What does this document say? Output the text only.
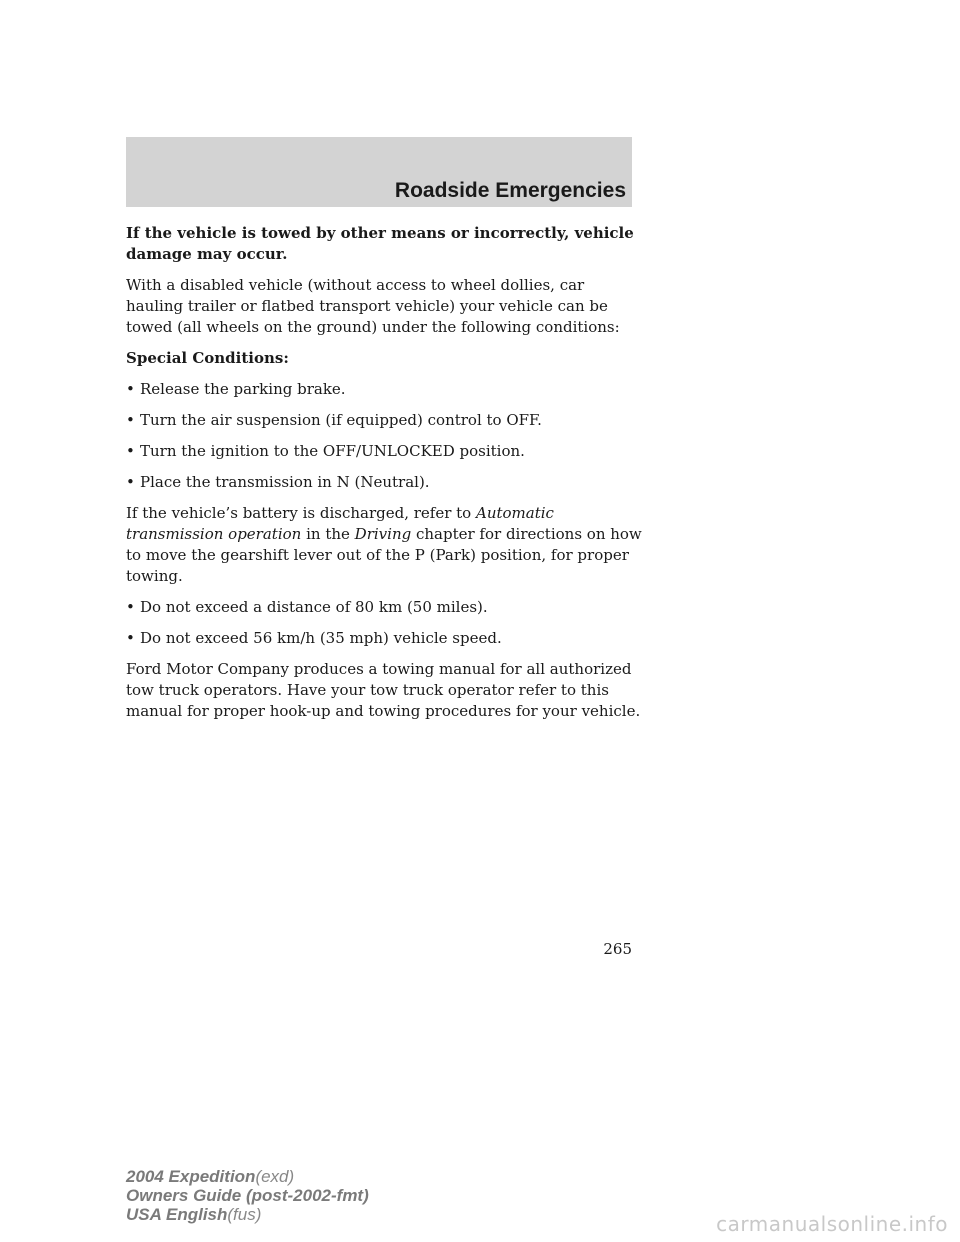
Roadside Emergencies

If the vehicle is towed by other means or incorrectly, vehicle damage may occur.

With a disabled vehicle (without access to wheel dollies, car hauling trailer or flatbed transport vehicle) your vehicle can be towed (all wheels on the ground) under the following conditions:

Special Conditions:

• Release the parking brake.
• Turn the air suspension (if equipped) control to OFF.
• Turn the ignition to the OFF/UNLOCKED position.
• Place the transmission in N (Neutral).

If the vehicle’s battery is discharged, refer to Automatic transmission operation in the Driving chapter for directions on how to move the gearshift lever out of the P (Park) position, for proper towing.

• Do not exceed a distance of 80 km (50 miles).
• Do not exceed 56 km/h (35 mph) vehicle speed.

Ford Motor Company produces a towing manual for all authorized tow truck operators. Have your tow truck operator refer to this manual for proper hook-up and towing procedures for your vehicle.

265
2004 Expedition(exd)
Owners Guide (post-2002-fmt)
USA English(fus)	carmanualsonline.info
